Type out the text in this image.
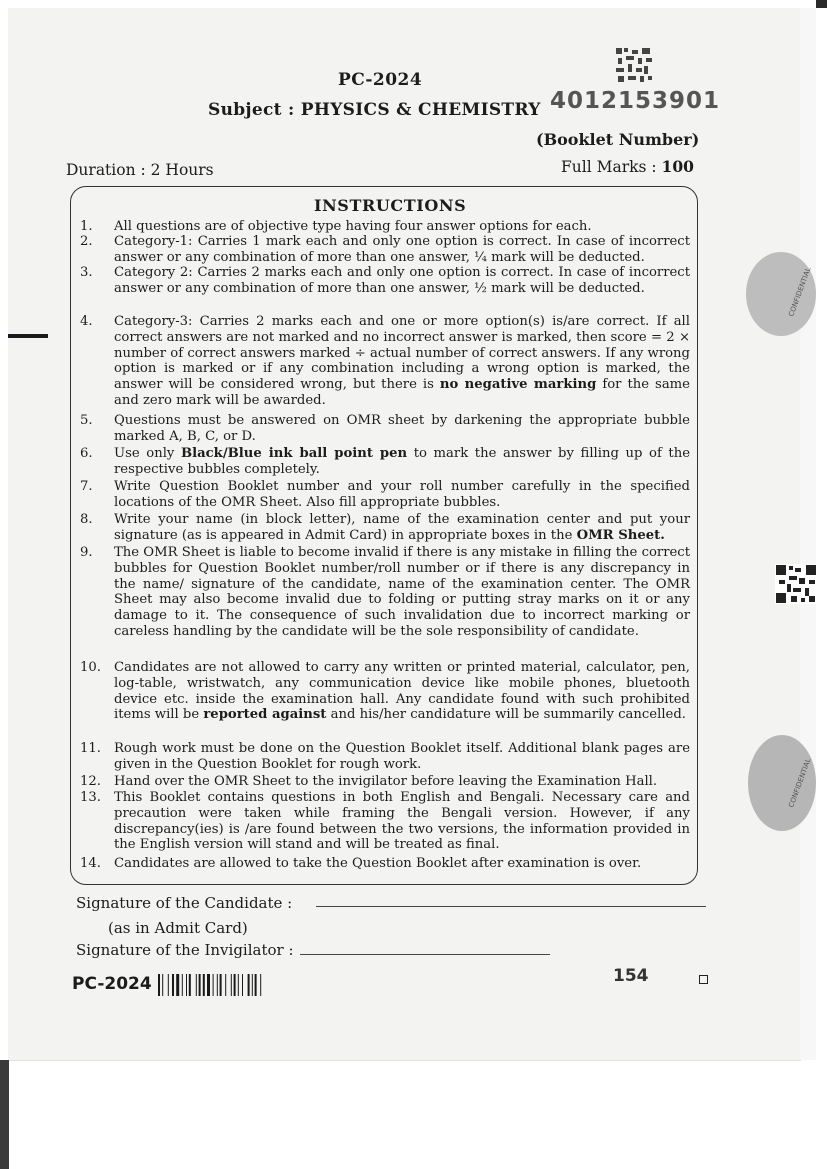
PC-2024
Subject : PHYSICS & CHEMISTRY 4012153901
(Booklet Number)
Duration : 2 Hours	Full Marks : 100
INSTRUCTIONS
1.	All questions are of objective type having four answer options for each.
2.	Category-1: Carries 1 mark each and only one option is correct. In case of incorrect answer or any combination of more than one answer, ¼ mark will be deducted.
3.	Category 2: Carries 2 marks each and only one option is correct. In case of incorrect answer or any combination of more than one answer, ½ mark will be deducted.
4.	Category-3: Carries 2 marks each and one or more option(s) is/are correct. If all correct answers are not marked and no incorrect answer is marked, then score = 2 × number of correct answers marked ÷ actual number of correct answers. If any wrong option is marked or if any combination including a wrong option is marked, the answer will be considered wrong, but there is no negative marking for the same and zero mark will be awarded.
5.	Questions must be answered on OMR sheet by darkening the appropriate bubble marked A, B, C, or D.
6.	Use only Black/Blue ink ball point pen to mark the answer by filling up of the respective bubbles completely.
7.	Write Question Booklet number and your roll number carefully in the specified locations of the OMR Sheet. Also fill appropriate bubbles.
8.	Write your name (in block letter), name of the examination center and put your signature (as is appeared in Admit Card) in appropriate boxes in the OMR Sheet.
9.	The OMR Sheet is liable to become invalid if there is any mistake in filling the correct bubbles for Question Booklet number/roll number or if there is any discrepancy in the name/ signature of the candidate, name of the examination center. The OMR Sheet may also become invalid due to folding or putting stray marks on it or any damage to it. The consequence of such invalidation due to incorrect marking or careless handling by the candidate will be the sole responsibility of candidate.
10. Candidates are not allowed to carry any written or printed material, calculator, pen, log-table, wristwatch, any communication device like mobile phones, bluetooth device etc. inside the examination hall. Any candidate found with such prohibited items will be reported against and his/her candidature will be summarily cancelled.
11. Rough work must be done on the Question Booklet itself. Additional blank pages are given in the Question Booklet for rough work.
12. Hand over the OMR Sheet to the invigilator before leaving the Examination Hall.
13. This Booklet contains questions in both English and Bengali. Necessary care and precaution were taken while framing the Bengali version. However, if any discrepancy(ies) is /are found between the two versions, the information provided in the English version will stand and will be treated as final.
14. Candidates are allowed to take the Question Booklet after examination is over.
Signature of the Candidate :
(as in Admit Card)
Signature of the Invigilator :
PC-2024	154
CONFIDENTIAL
CONFIDENTIAL
